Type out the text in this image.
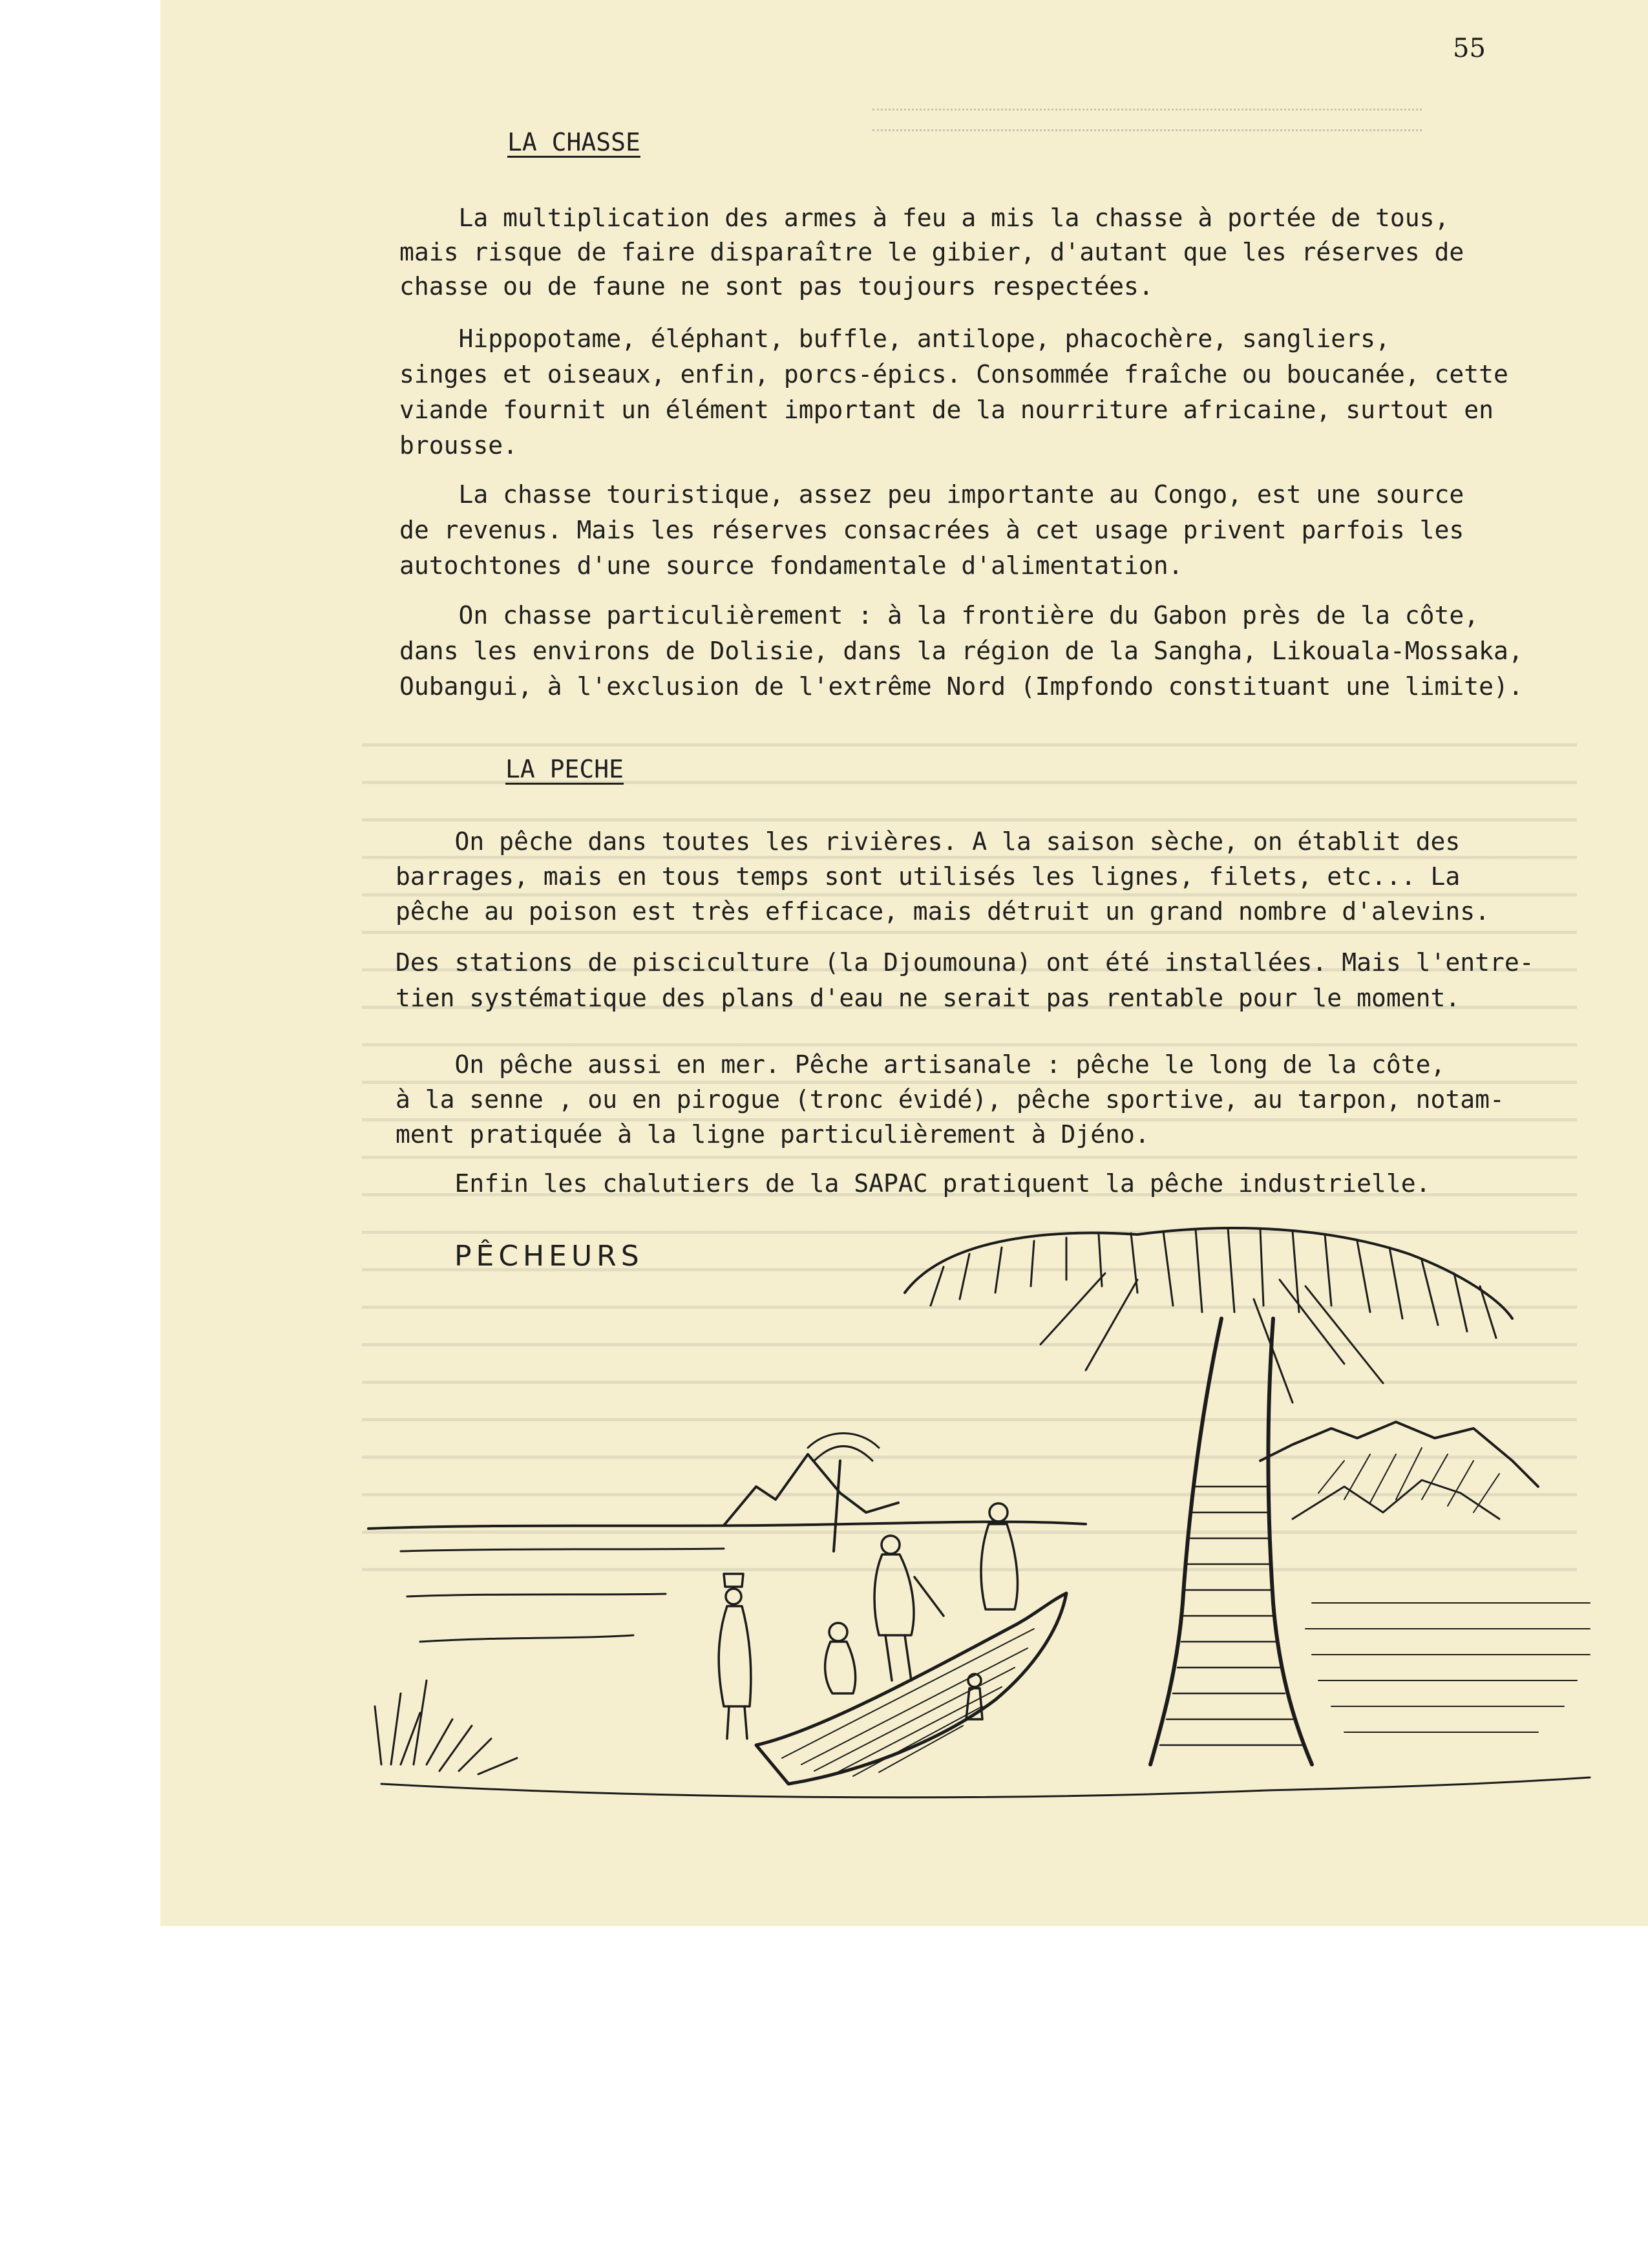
55
LA CHASSE
La multiplication des armes à feu a mis la chasse à portée de tous,
mais risque de faire disparaître le gibier, d'autant que les réserves de
chasse ou de faune ne sont pas toujours respectées.
Hippopotame, éléphant, buffle, antilope, phacochère, sangliers,
singes et oiseaux, enfin, porcs-épics. Consommée fraîche ou boucanée, cette
viande fournit un élément important de la nourriture africaine, surtout en
brousse.
La chasse touristique, assez peu importante au Congo, est une source
de revenus. Mais les réserves consacrées à cet usage privent parfois les
autochtones d'une source fondamentale d'alimentation.
On chasse particulièrement : à la frontière du Gabon près de la côte,
dans les environs de Dolisie, dans la région de la Sangha, Likouala-Mossaka,
Oubangui, à l'exclusion de l'extrême Nord (Impfondo constituant une limite).
LA PECHE
On pêche dans toutes les rivières. A la saison sèche, on établit des
barrages, mais en tous temps sont utilisés les lignes, filets, etc... La
pêche au poison est très efficace, mais détruit un grand nombre d'alevins.
Des stations de pisciculture (la Djoumouna) ont été installées. Mais l'entre-
tien systématique des plans d'eau ne serait pas rentable pour le moment.
On pêche aussi en mer. Pêche artisanale : pêche le long de la côte,
à la senne , ou en pirogue (tronc évidé), pêche sportive, au tarpon, notam-
ment pratiquée à la ligne particulièrement à Djéno.
Enfin les chalutiers de la SAPAC pratiquent la pêche industrielle.
PÊCHEURS
